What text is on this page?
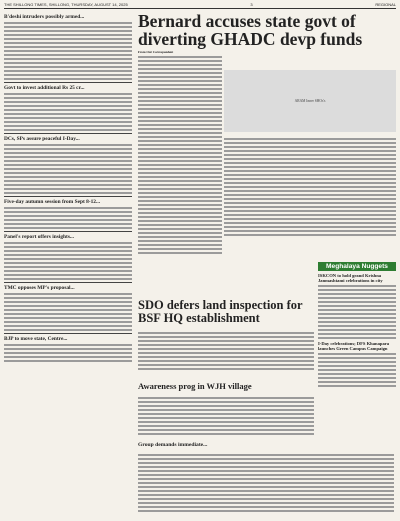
THE SHILLONG TIMES, SHILLONG, THURSDAY, AUGUST 14, 2025	3	REGIONAL
B'deshi intruders possibly armed...
Govt to invest additional Rs 25 cr...
DCs, SPs assure peaceful I-Day...
Five-day autumn session from Sept 8-12...
Panel's report offers insights...
TMC opposes MP's proposal...
BJP to move state, Centre...
Bernard accuses state govt of diverting GHADC devp funds
From Our Correspondent
ARAM Inner SHOs's
SDO defers land inspection for BSF HQ establishment
Meghalaya Nuggets
ISKCON to hold grand Krishna Janmashtami celebrations in city
I-Day celebrations; DFS Khanapara launches Green Campus Campaign
Awareness prog in WJH village
Group demands immediate...
